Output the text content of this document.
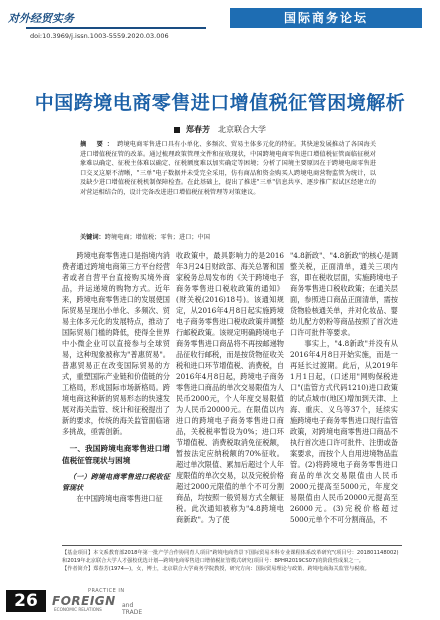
对外经贸实务	国际商务论坛
doi:10.3969/j.issn.1003-5559.2020.03.006
中国跨境电商零售进口增值税征管困境解析
郑春芳 北京联合大学
摘 要：跨境电商零售进口具有小单化、多频次、贸易主体多元化的特征。其快速发展推动了各国海关进口增值税征管的改革。通过梳理政策管理文件和征收现状，中国跨境电商零售进口增值税征管面临征税对象难以确定、征税主体难以确定、征税额度难以加实确定等困境；分析了国境主要原因在于跨境电商零售进口交叉这原不清晰，"三单"电子数据并未受完全采用，仿有商品和资金购买人跨境电商营物监管为统计，以及缺少进口增值税征税机制保障检查。在此基础上，提出了推进"三单"信息共享、逐步推广拟试区经建立的对营运相结合的，设计完备改进进口增值税征税管理等对策建议。
关键词：跨境电商；增值税；零售；进口；中国

跨境电商零售进口是指境内消费者通过跨境电商第三方平台经营者或者自营平台直接购买境外商品，并运递境的购物方式。近年来，跨境电商零售进口的发展使国际贸易呈现出小单化、多频次、贸易主体多元化的发展特点，推动了国际贸易门槛的降低，使得全世界中小微企业可以直接参与全球贸易，这种现象被称为"普惠贸易"。普惠贸易正在改变国际贸易的方式，重塑国际产业链和价值链的分工格局，形成国际市场新格局。跨境电商这种新的贸易形态的快速发展对海关监管、统计和征税提出了新的要求，传统的海关监管面临诸多挑战，亟需创新。

一、我国跨境电商零售进口增值税征管现状与困境
（一）跨境电商零售进口税收征管现状

在中国跨境电商零售进口征

收政策中，最具影响力的是2016年3月24日财政部、海关总署和国家税务总局发布的《关于跨境电子商务零售进口税收政策的通知》(财关税(2016)18号)。该通知规定，从2016年4月8日起实施跨境电子商务零售进口税收政策并调整行邮税政策。该规定明确跨境电子商务零售进口商品将不再按邮递物品征收行邮税，而是按货物征收关税和进口环节增值税、消费税，自2016年4月8日起，跨境电子商务零售进口商品的单次交易限值为人民币2000元，个人年度交易限值为人民币20000元。在限值以内进口的跨境电子商务零售进口商品，关税税率暂设为0%；进口环节增值税、消费税取消免征税额，暂按法定应纳税额的70%征收。超过单次限值、累加后超过个人年度限值的单次交易，以及完税价格超过2000元限值的单个不可分割商品，均按照一般贸易方式全额征税。此次通知被称为"4.8跨境电商新政"。为了使

"4.8新政"、"4.8新政"的核心是调整关税，正面清单，通关三项内容，即在税收层面，实施跨境电子商务零售进口税收政策；在通关层面，参照进口商品正面清单，需按货物验核通关单，并对化妆品、婴幼儿配方奶粉等商品按照了首次进口许可批件等要求。

事实上，"4.8新政"并没有从2016年4月8日开始实施，而是一再延长过渡期。此后，从2019年1月1日起，(口述用"网购保税进口"(监管方式代码1210)进口政策的试点城市(地区)增加到天津、上海、重庆、义乌等37个，延续实施跨境电子商务零售进口现行监管政策，对跨境电商零售进口商品不执行首次进口许可批件、注册或备案要求，而按个人自用进境物品监管。(2)将跨境电子商务零售进口商品的单次交易限值由人民币2000元提高至5000元，年度交易限值由人民币20000元提高至26000元。(3)完税价格超过5000元单个不可分割商品，不

【基金项目】本文系教育部2018年第一批产学合作协同育人项目"跨境电商背景下国际贸易本科专业课程体系改革研究"(项目号：201801148002)和2019年北京联合大学人才强校优选计划—跨境电商零售进口增值税征管模式研究(项目号：BPHR2019CS07)的阶段性成果之一。
【作者简介】郑春芳(1974—)，女，博士，北京联合大学商务学院教授，研究方向：国际贸易理论与政策、跨境电商海关监管与税收。
26	PRACTICE IN
FOREIGN and TRADE
ECONOMIC RELATIONS
